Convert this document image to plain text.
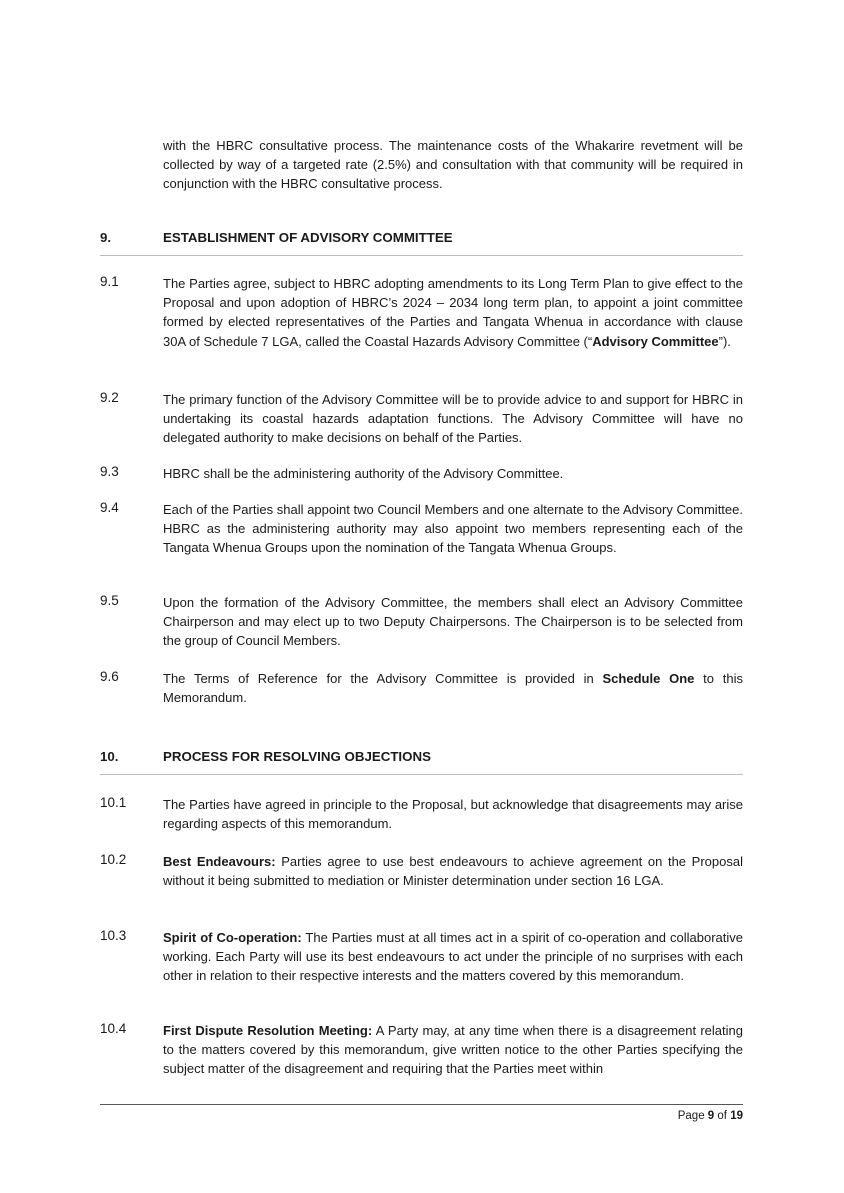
with the HBRC consultative process. The maintenance costs of the Whakarire revetment will be collected by way of a targeted rate (2.5%) and consultation with that community will be required in conjunction with the HBRC consultative process.
9.	ESTABLISHMENT OF ADVISORY COMMITTEE
9.1	The Parties agree, subject to HBRC adopting amendments to its Long Term Plan to give effect to the Proposal and upon adoption of HBRC’s 2024 – 2034 long term plan, to appoint a joint committee formed by elected representatives of the Parties and Tangata Whenua in accordance with clause 30A of Schedule 7 LGA, called the Coastal Hazards Advisory Committee (“Advisory Committee”).
9.2	The primary function of the Advisory Committee will be to provide advice to and support for HBRC in undertaking its coastal hazards adaptation functions. The Advisory Committee will have no delegated authority to make decisions on behalf of the Parties.
9.3	HBRC shall be the administering authority of the Advisory Committee.
9.4	Each of the Parties shall appoint two Council Members and one alternate to the Advisory Committee. HBRC as the administering authority may also appoint two members representing each of the Tangata Whenua Groups upon the nomination of the Tangata Whenua Groups.
9.5	Upon the formation of the Advisory Committee, the members shall elect an Advisory Committee Chairperson and may elect up to two Deputy Chairpersons. The Chairperson is to be selected from the group of Council Members.
9.6	The Terms of Reference for the Advisory Committee is provided in Schedule One to this Memorandum.
10.	PROCESS FOR RESOLVING OBJECTIONS
10.1	The Parties have agreed in principle to the Proposal, but acknowledge that disagreements may arise regarding aspects of this memorandum.
10.2	Best Endeavours: Parties agree to use best endeavours to achieve agreement on the Proposal without it being submitted to mediation or Minister determination under section 16 LGA.
10.3	Spirit of Co-operation: The Parties must at all times act in a spirit of co-operation and collaborative working. Each Party will use its best endeavours to act under the principle of no surprises with each other in relation to their respective interests and the matters covered by this memorandum.
10.4	First Dispute Resolution Meeting: A Party may, at any time when there is a disagreement relating to the matters covered by this memorandum, give written notice to the other Parties specifying the subject matter of the disagreement and requiring that the Parties meet within
Page 9 of 19
